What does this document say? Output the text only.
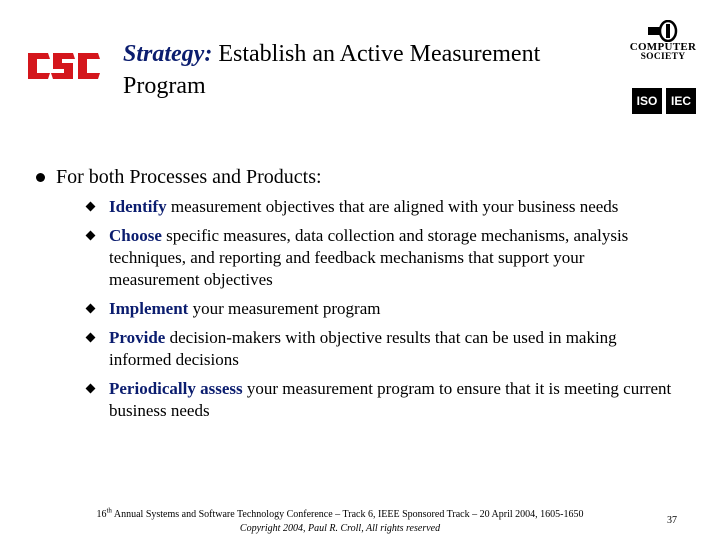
COMPUTER
SOCIETY
ISO	IEC
Strategy: Establish an Active Measurement Program
For both Processes and Products:
Identify measurement objectives that are aligned with your business needs
Choose specific measures, data collection and storage mechanisms, analysis techniques, and reporting and feedback mechanisms that support your measurement objectives
Implement your measurement program
Provide decision-makers with objective results that can be used in making informed decisions
Periodically assess your measurement program to ensure that it is meeting current business needs
16th Annual Systems and Software Technology Conference – Track 6, IEEE Sponsored Track – 20 April 2004, 1605-1650
Copyright 2004, Paul R. Croll, All rights reserved
37
